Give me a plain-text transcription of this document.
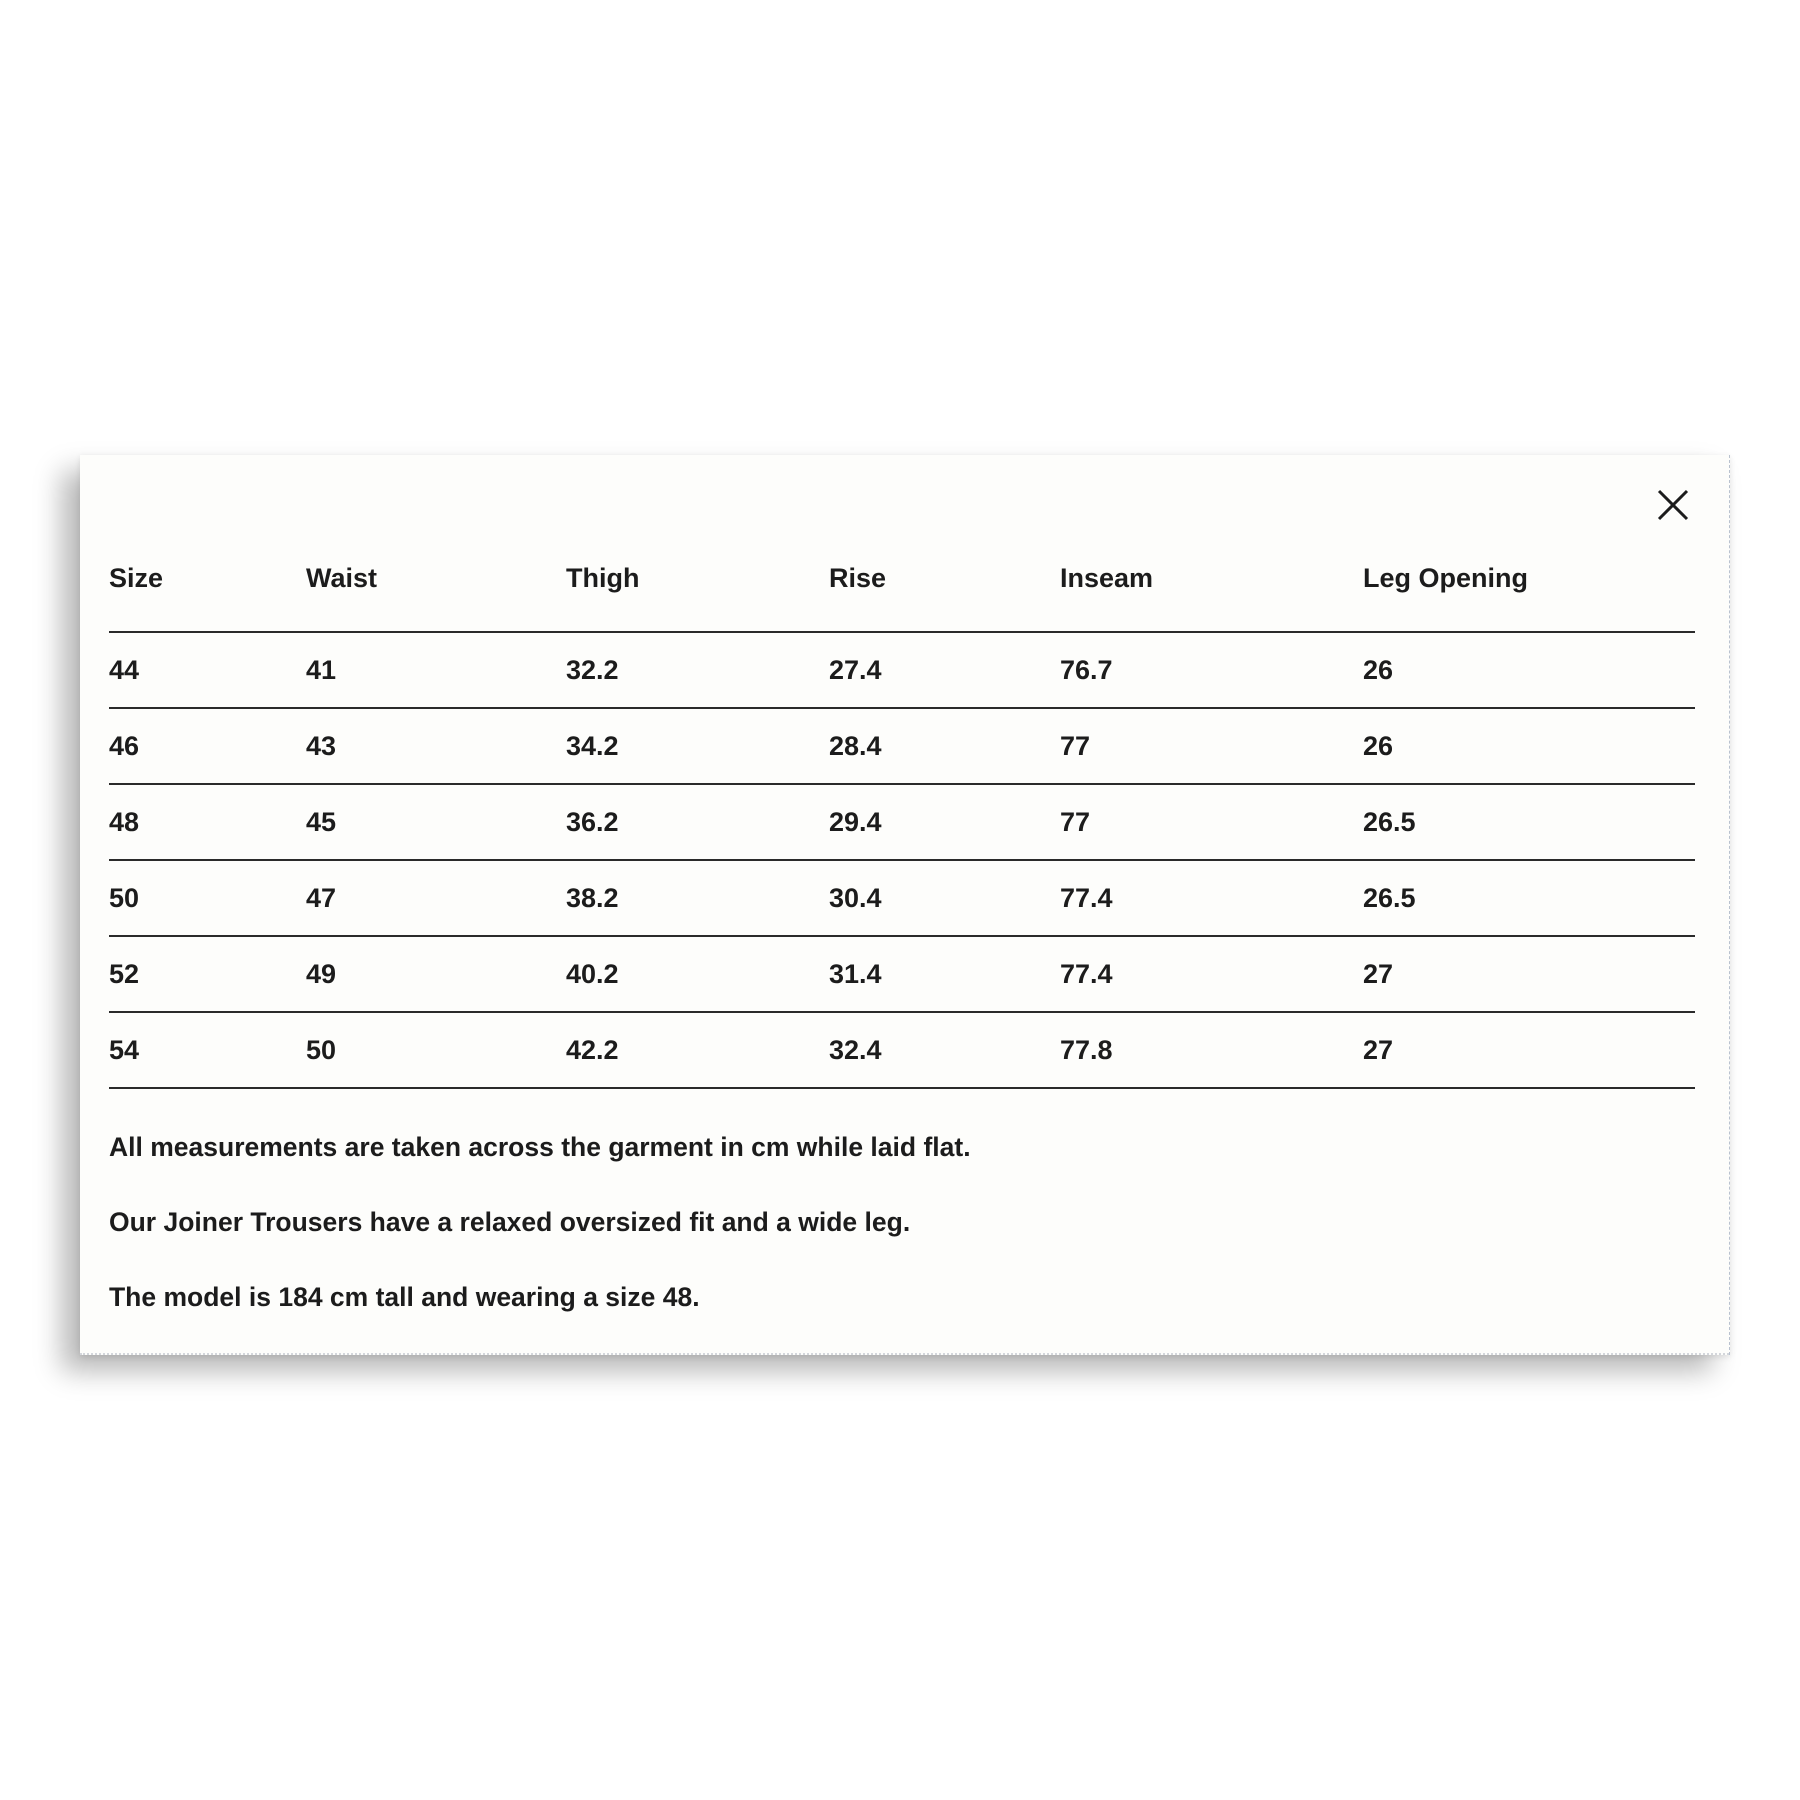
Size	Waist	Thigh	Rise	Inseam	Leg Opening
44	41	32.2	27.4	76.7	26
46	43	34.2	28.4	77	26
48	45	36.2	29.4	77	26.5
50	47	38.2	30.4	77.4	26.5
52	49	40.2	31.4	77.4	27
54	50	42.2	32.4	77.8	27

All measurements are taken across the garment in cm while laid flat.

Our Joiner Trousers have a relaxed oversized fit and a wide leg.

The model is 184 cm tall and wearing a size 48.
